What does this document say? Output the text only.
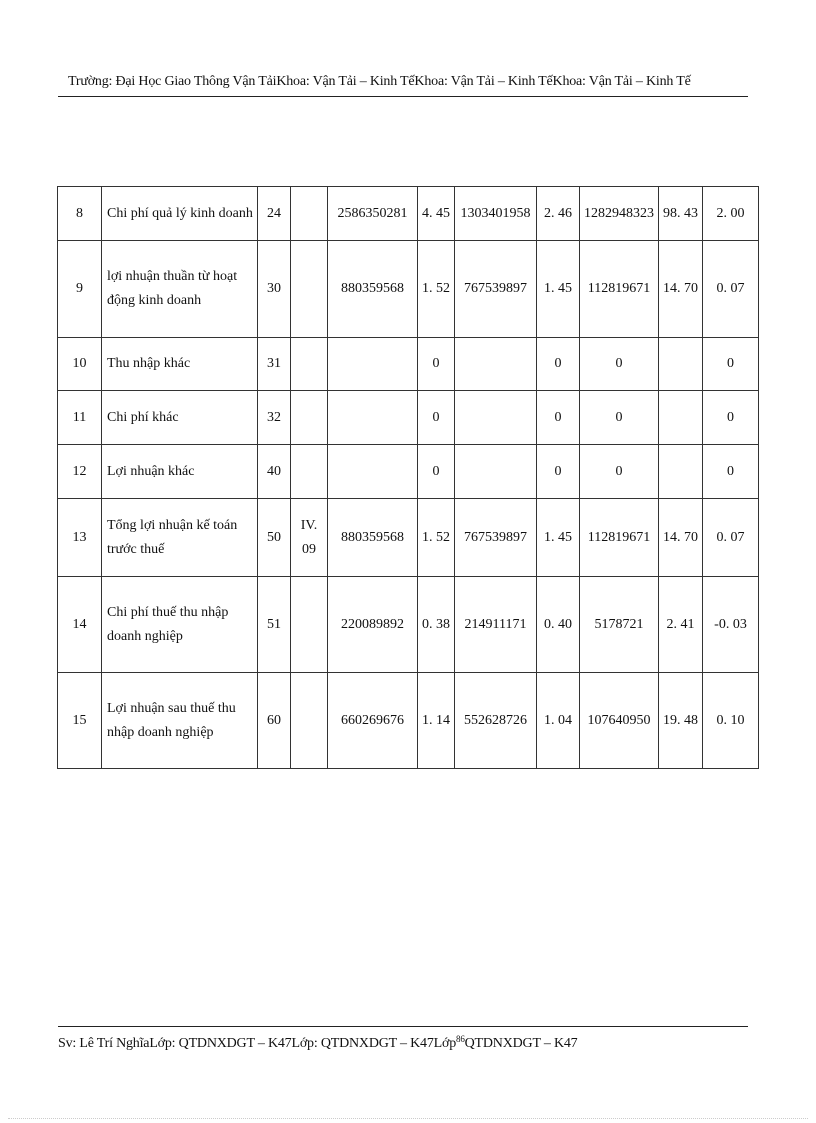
Trường: Đại Học Giao Thông Vận TảiKhoa: Vận Tải – Kinh TếKhoa: Vận Tải – Kinh TếKhoa: Vận Tải – Kinh Tế
8	Chi phí quả lý kinh doanh	24		2586350281	4. 45	1303401958	2. 46	1282948323	98. 43	2. 00
9	lợi nhuận thuần từ hoạt động kinh doanh	30		880359568	1. 52	767539897	1. 45	112819671	14. 70	0. 07
10	Thu nhập khác	31			0		0	0		0
11	Chi phí khác	32			0		0	0		0
12	Lợi nhuận khác	40			0		0	0		0
13	Tổng lợi nhuận kế toán trước thuế	50	IV. 09	880359568	1. 52	767539897	1. 45	112819671	14. 70	0. 07
14	Chi phí thuế thu nhập doanh nghiệp	51		220089892	0. 38	214911171	0. 40	5178721	2. 41	-0. 03
15	Lợi nhuận sau thuế thu nhập doanh nghiệp	60		660269676	1. 14	552628726	1. 04	107640950	19. 48	0. 10
Sv: Lê Trí NghĩaLớp: QTDNXDGT – K47Lớp: QTDNXDGT – K47Lớp$^{86}$QTDNXDGT – K47
